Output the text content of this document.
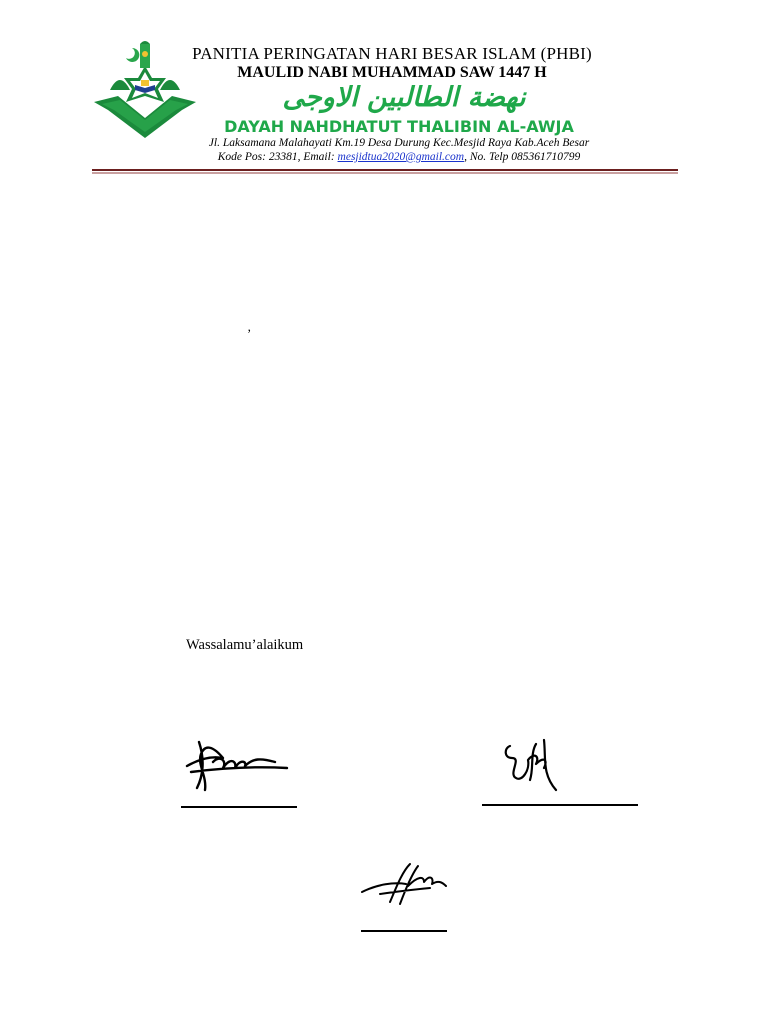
PANITIA PERINGATAN HARI BESAR ISLAM (PHBI)
MAULID NABI MUHAMMAD SAW 1447 H
نهضة الطالبين الاوجى
DAYAH NAHDHATUT THALIBIN AL-AWJA
Jl. Laksamana Malahayati Km.19 Desa Durung Kec.Mesjid Raya Kab.Aceh Besar
Kode Pos: 23381, Email: mesjidtua2020@gmail.com, No. Telp 085361710799
’
Wassalamu’alaikum
